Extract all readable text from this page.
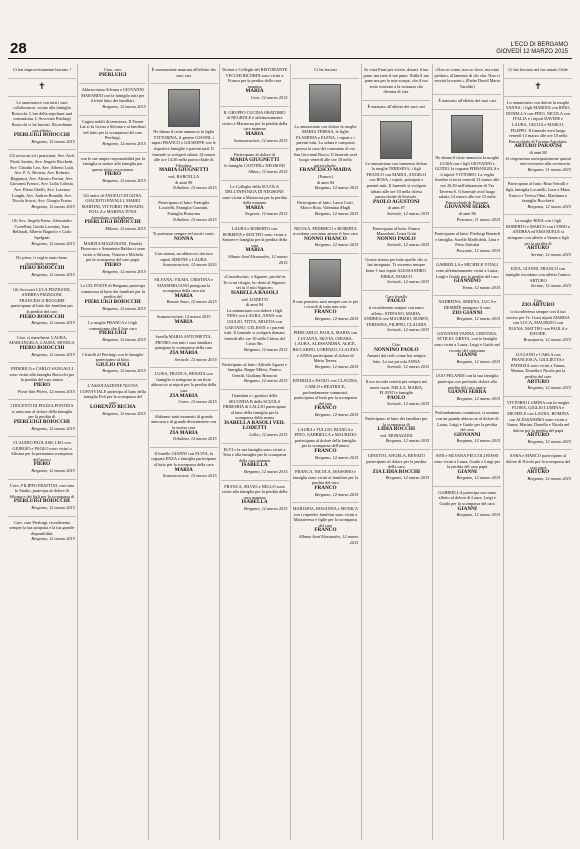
28	L'ECO DI BERGAMO
GIOVEDÌ 12 MARZO 2015

Ci hai improvvisamente lasciato !

✝

Le ammiratore con tutti i suoi collaboratori, vicino alla famiglia Boiocchi. L'ora della sepoltura sarà comunicata. L'Avvocato Pierluigi Boiocchi ci ha lasciati. Ricordiamo con affetto.

PIERLUIGI BOIOCCHI

Bergamo, 12 marzo 2015

Gli avvocati ed i praticanti: Avv. Arch Paolo Sartini, Avv. Angelo Ricchetti, Avv. Claudio Leo, Avv. Alberto Lutti, Avv. P. A. Riviera, Avv. Roberto Bagnasca, Avv. Alessio Ferrari, Avv. Giovanni Franco, Avv. Lidia Colosio, Avv. Elena Ghelfi, Avv. Lorenzo Longhi, Avv. Andrea Bonaldi, Avv. Nicola Scorsi, Avv. Giorgio Fratus

Bergamo, 12 marzo 2015

Gli Avv. Angela Paese, Alessandro Cortellini, Guido Lavarini, Sara Bellandi, Alberto Bagnolo e Carlo Spelgatti

Bergamo, 12 marzo 2015

Do piero, ti voglio tanto bene, ricordando sempre.

PIERO BOIOCCHI

Bergamo, 12 marzo 2015

Gli Avvocati LUCA PIZZIGONI, ANDREA PIZZIGONI, FRANCESCA RUGGERI partecipano al lutto dei familiari per la perdita del caro

PIERO BOIOCCHI

Bergamo, 12 marzo 2015

Ciao, ci mancherai. LAURA, MARIANGELA, LAURA, MONICA

PIERO BOIOCCHI

Bergamo, 12 marzo 2015

FEDERICA e CARLO SANGALLI sono vicini alla famiglia Boiocchi per la perdita del caro amico

PIERO

Ponte San Pietro, 12 marzo 2015

I DOCENTI DI PIAZZA PONTIDA si uniscono al dolore della famiglia per la perdita di

PIERLUIGI BOIOCCHI

Bergamo, 12 marzo 2015

CLAUDIO PAOLASIL LEO con GIORGIO e PAOLO sono vicini a Silvana per la prematura scomparsa dell'amico

PIERO

Bergamo, 12 marzo 2015

L'avv. FILIPPO FRATTINI, con tutto lo Studio, partecipa al dolore di Silvana e dei figli per la scomparsa di

PIERLUIGI BOIOCCHI

Bergamo, 12 marzo 2015

Ciao, caro Pierluigi, ricorderemo sempre la tua simpatia e la tua grande disponibilità.

Bergamo, 12 marzo 2015

Ciao, caro

PIERLUIGI

Abbracciamo Silvana e GIOVANNI MARABINI con la famiglia tutti per il triste lutto dei familiari.

Bergamo, 12 marzo 2015

Cugini nobili di tenerezza. Il Fronte Lai si fa vicino a Silvana e ai familiari nel lutto per la scomparsa del caro Pierluigi.

Bergamo, 12 marzo 2015

con le sue ampie responsabilità per la famiglia si unisce alla famiglia per questa triste circostanza.

PIERO

Bergamo, 12 marzo 2015

Gli amici di ANGELO DI GIOIA, GIACINTO FAVALLI, MARIO MARTINI, VITTORIO TRAVAINI, FOLLA e MARINA TONA formulano condoglianze.

PIERLUIGI BOIOCCHI

Milano, 12 marzo 2015

MARZIA MAZZOLENI, Daniela Pizzocaro e Antonietta Balducci sono vicini a Silvana, Vittoria e Michela per la scomparsa del caro papà.

PIERO

Bergamo, 12 marzo 2015

La UIL POSTE di Bergamo partecipa commossa al lutto dei familiari per la perdita del

PIERLUIGI BOIOCCHI

Bergamo, 12 marzo 2015

La moglie FRANCA e i figli comunicano che il loro caro

PIERLUIGI

Bergamo, 12 marzo 2015

I fratelli di Pierluigi con le famiglie partecipano al lutto.

GIULIO POLI

Bergamo, 12 marzo 2015

L'ASSOCIAZIONE NUOVA CONVIVIALE partecipa al lutto della famiglia Poli per la scomparsa del caro

LORENZO BECHA

Bergamo, 12 marzo 2015

È serenamente mancata all'affetto dei suoi cari

Ne danno il triste annuncio la figlia VITTORINA, il genero GIANNI, i nipoti FRANCO e GIUSEPPE con le rispettive famiglie e parenti tutti. Il funerale si svolgerà sabato 14 marzo alle ore 14,30 nella parrocchiale di Tribulina.

MARIA GIUGNETTI

ved. BARCELLA

di anni 90

Tribulina, 12 marzo 2015

Partecipano al lutto: Famiglia Locatelli, Famiglia Gusmini, Famiglia Bonacina

Tribulina, 12 marzo 2015

Ti portiamo sempre nel nostri cuori.

NONNA

Ciao nonna, un abbraccio dai tuoi nipoti SIMONE e LAURA

Scanzorosciate, 12 marzo 2015

SILVANA, VILMA, CRISTINA e MASSIMILIANO piangono la scomparsa della cara zia

MARIA

Bonate Sotto, 12 marzo 2015

Scanzorosciate, 12 marzo 2015

MARIA

Sorella MARIA ANTONIETTA, PIETRO con tutti i suoi familiari piangono la scomparsa della cara

ZIA MARIA

Sorisole, 12 marzo 2015

LUISA, FRANCA, RENATA con famiglie si stringono in un forte abbraccio ai nipoti per la perdita della cara

ZIA MARIA

Como, 12 marzo 2015

Abbiamo tanti momenti di grande amicizia e di grande divertimento con la nostra cara

ZIA MARIA

Tribulina, 12 marzo 2015

Il fratello GIANNI con ELVIA, la cognata ENZA e famiglia partecipano al lutto per la scomparsa della cara

MARIA

Scanzorosciate, 12 marzo 2015

Titolari e Colleghi del RISTORANTE VECCHI RICORDI sono vicini a Franca per la perdita della cara mamma

MARIA

Cene, 12 marzo 2015

IL GRUPPO CUCINA ORATORIO di NEGROLE è affettuosamente vicino a Mariarosa per la perdita della cara mamma

MARIA

Scanzorosciate, 12 marzo 2015

Partecipano al dolore di

MARIA GIUGNETTI

le famiglie CANTINI e NEGRONI

Albino, 12 marzo 2015

Le Colleghe della SCUOLA DELL'INFANZIA DI NEGRONE sono vicine a Mariarosa per la perdita della mamma

MARIA

Negrone, 12 marzo 2015

LAURA e ROBERTO con ROBERTA e MATTEO sono vicini a Simone e famiglia per la perdita della cara

MARIA

Albano Sant'Alessandro, 12 marzo 2015

«Custodiscimi, o Signore, perché in Te io mi rifugio, ho detto al Signore: sei tu il mio Signore»

ISABELLA RASOLI

ved. LODETTI

di anni 94

La annunciano con dolore i figli PINO con LAURA, ANNA con GIULIO, TITTA, MILENA con GAETANO, CELESTE e i parenti tutti. Il funerale si svolgerà domani venerdì alle ore 10 nella Chiesa del Cristo Re.

Bergamo, 12 marzo 2015

Partecipano al lutto: Alfredo Agazzi e famiglia, Beppe Milesi, Franco Gentili, Giuliano Ronzoni

Bergamo, 12 marzo 2015

I bambini e i genitori della SECONDA B della SCUOLA PRIMARIA di LALLIO partecipano al lutto della famiglia per la scomparsa della nonna

ISABELLA RASOLI VED. LODETTI

Lallio, 12 marzo 2015

ELVI e la sua famiglia sono vicini a Titta e alla famiglia per la scomparsa della cara mamma

ISABELLA

Bergamo, 12 marzo 2015

FRANCA, SILVIO e NELLO sono vicini alla famiglia per la perdita della cara mamma

ISABELLA

Bergamo, 12 marzo 2015

Ci ha lasciati

Lo annunciano con dolore la moglie MARIA TERESA, le figlie FLAMINIA e ELENA, i nipoti e i parenti tutti. La salma è composta presso la casa del commiato di via San Giovanni Bosco. Il funerale avrà luogo venerdì alle ore 10 nella parrocchiale.

FRANCESCO MAIDA

(Franco)

di anni 84

Bergamo, 12 marzo 2015

Partecipano al lutto: Laura Corti, Marco Rota, Valentina Magli

Bergamo, 12 marzo 2015

NICOLA, FEDERICO e ROBERTA ricordano con tanto amore il loro caro

NONNO FRANCO

Bergamo, 12 marzo 2015

Il mio pensiero sarà sempre con te per i ricordi di tutta una vita.

FRANCO

Bergamo, 12 marzo 2015

PIERCARLO, PAOLA, MARIA con LUCIANA, SILVIA, CHIARA, LAURA, ALESSANDRA, ALICE, RICCARDO, LORENZO, CLAUDIA e ANNA partecipano al dolore di Maria Teresa.

Bergamo, 12 marzo 2015

PATRIZIA e PAOLO con CLAUDIA, CARLO e BEATRICE, profondamente commossi, partecipano al lutto per la scomparsa del caro

FRANCO

Bergamo, 12 marzo 2015

LAURA e TULLIO, BIANCA e PINO, GABRIELLA e MAURIZIO partecipano al dolore della famiglia per la scomparsa dell'amico

FRANCO

Bergamo, 12 marzo 2015

FRANCA, NICOLA, MASSIMO e famiglia sono vicini ai familiari per la perdita del caro

FRANCO

Bergamo, 12 marzo 2015

MARIAPIA, ROSANNA e MONICA con i rispettivi familiari sono vicini a Mariateresa e figlie per la scomparsa del caro

FRANCO

Albano Sant'Alessandro, 12 marzo 2015

Se vuoi Pane per vivere, donaci il tuo pane, ma tutto il tuo pane: Nulla il tuo pane ma per le mie scarpe, che il tuo resto esistono a la sostanza che diventa di vita.

È mancato all'affetto dei suoi cari

Lo annunciano con immenso dolore la moglie TERESINA, i figli FRANCO con MARIA, ANGELO con ROSA, i nipoti, pronipoti e parenti tutti. Il funerale si svolgerà sabato alle ore 10 nella chiesa parrocchiale di Sorisole.

PAOLO AGUSTONI

di anni 87

Sorisole, 12 marzo 2015

Partecipano al lutto: Franca Mazzoleni, Luisa Gotti

NONNO PAOLO

Sorisole, 12 marzo 2015

Grazie nonno per tutto quello che ci hai insegnato. Ti vorremo sempre bene. I tuoi nipoti ALESSANDRO, ERIKA, MARCO

Sorisole, 12 marzo 2015

Caro fratello

PAOLO

ti ricorderemo sempre con tanto affetto. STEFANO, MARIA, ANDREA con MAURIZIO, RUBEN, TERESINA, FILIPPO, CLAUDIA

Sorisole, 12 marzo 2015

Ciao

NONNINO PAOLO

Amanti dal cielo come hai sempre fatto. La tua piccola ANNA

Sorisole, 12 marzo 2015

Il tuo ricordo resterà per sempre nei nostri cuori. NELLA, MARIA, FLAVIO e famiglie

PAOLO

Sorisole, 12 marzo 2015

Partecipano al lutto dei familiari per la scomparsa di

LIDIA ROCCHI

ved. MORAZZINI

Bergamo, 12 marzo 2015

GINETTO, ANGELA, RENATO partecipano al dolore per la perdita della cara

ZIA LIDIA ROCCHI

Bergamo, 12 marzo 2015

«Non so come, non so dove, ma tutto perduto, al lamento di chi vita. Non ci servirà la morte.» (Padre David Maria Turoldo)

È mancato all'affetto dei suoi cari

Ne danno il triste annuncio la moglie LUISA con i figli GIOVANNI e GUIDO, la cognata PIERANGELA e il nipote VITTORIO. La veglia funebre si terrà venerdì 13 marzo alle ore 20,30 nell'abitazione di Via Taverna 6. Il funerale avrà luogo sabato 14 marzo alle ore 15 nella Parrocchiale di Poscante.

GIOVANNI SERRA

di anni 86

Poscante, 11 marzo 2015

Partecipano al lutto: Pierluigi Bonardi e famiglia, Sorelle Maffioletti, Lina e Piero Salvalai

Poscante, 12 marzo 2015

GABRIELLA e MICHELE VITALI sono affettuosamente vicini a Laura, Luigi e Guido per la perdita del caro

GIANNINO

Trona, 12 marzo 2015

ANDREINA, SERENA, LUCA e DESIRÉE piangono il caro

ZIO GIANNI

Bergamo, 12 marzo 2015

GIOVANNI VANNA, CRISTINA, ATTILIO, GRETA, con le famiglie sono vicini a Laura, Luigi e Guido nel ricordo del carissimo

GIANNI

Bergamo, 12 marzo 2015

UGO PELANDI con la sua famiglia partecipa con profondo dolore alla perdita del caro amico

GIANNI SERRA

Bergamo, 12 marzo 2015

Profondamente commossi, ci uniamo con un grande abbraccio al dolore di Laura, Luigi e Guido per la perdita del caro

GIOVANNI

Bergamo, 12 marzo 2015

SINI e SILVANA PECCOLI ROSSI sono vicini a Laura, Guido e Luigi per la perdita del caro papà

GIANNI

Bergamo, 12 marzo 2015

GABRIELLA partecipa con tanto affetto al dolore di Laura, Luigi e Guido per la scomparsa del caro

GIANNI

Bergamo, 12 marzo 2015

Ci hai lasciato nel tuo amato Chile

✝

Lo annunciano con dolore la moglie VANNA, i figli MARINA con RINO, DONELLA con PINO, NICOLA con ITALIA e i nipoti DAVIDE e LAURA, GIULIA e MARCO, FILIPPO. Il funerale avrà luogo venerdì 13 marzo alle ore 10 nella Parrocchiale di Torrano Agrofatta.

ARTURO PARAVISI

di anni 88

Si ringraziano anticipatamente quanti interverranno alla cerimonia.

Bergamo, 11 marzo 2015

Partecipano al lutto: Rina Vetrolli e figli, famiglia Locatelli, Luca e Mara, Enrico e Teresa Olmi, Marianna e famiglia Bocchetti

Bergamo, 12 marzo 2015

La moglie RINA con i figli ROBERTO e MARCO con COMO e ANDREA ed EMANUELE si stringono con affetto a Vanna e figli per la perdita di

ARTURO

Seriate, 12 marzo 2015

EZIA, GIANNI, FRANCO con famiglie ricordano con affetto l'amico ARTURO

Seriate, 12 marzo 2015

Ciao

ZIO ARTURO

ti ricorderemo sempre con il tuo sorriso per Te. I tuoi nipoti MARISA con LUCA, MAURIZIO con ELENA, MATTEO con PAOLA e DAVIDE.

Brusaporto, 12 marzo 2015

LUCIANO e CARLA con FRANCESCA, GIULIETTA e PATRIZIA sono vicini a Vanna, Marina, Donella e Nicola per la perdita del caro

ARTURO

Bergamo, 12 marzo 2015

VITTORIO LUMINA con la moglie FLORA, GIGLIO LUMINA e MICHELE con LAURA, ROMINA con ALESSANDRA sono vicini a Vanna, Marina, Donella e Nicola nel dolore per la perdita del papà

ARTURO

Bergamo, 12 marzo 2015

SARA e MARCO partecipano al dolore di Nicola per la scomparsa del caro papà

ARTURO

Bergamo, 12 marzo 2015
